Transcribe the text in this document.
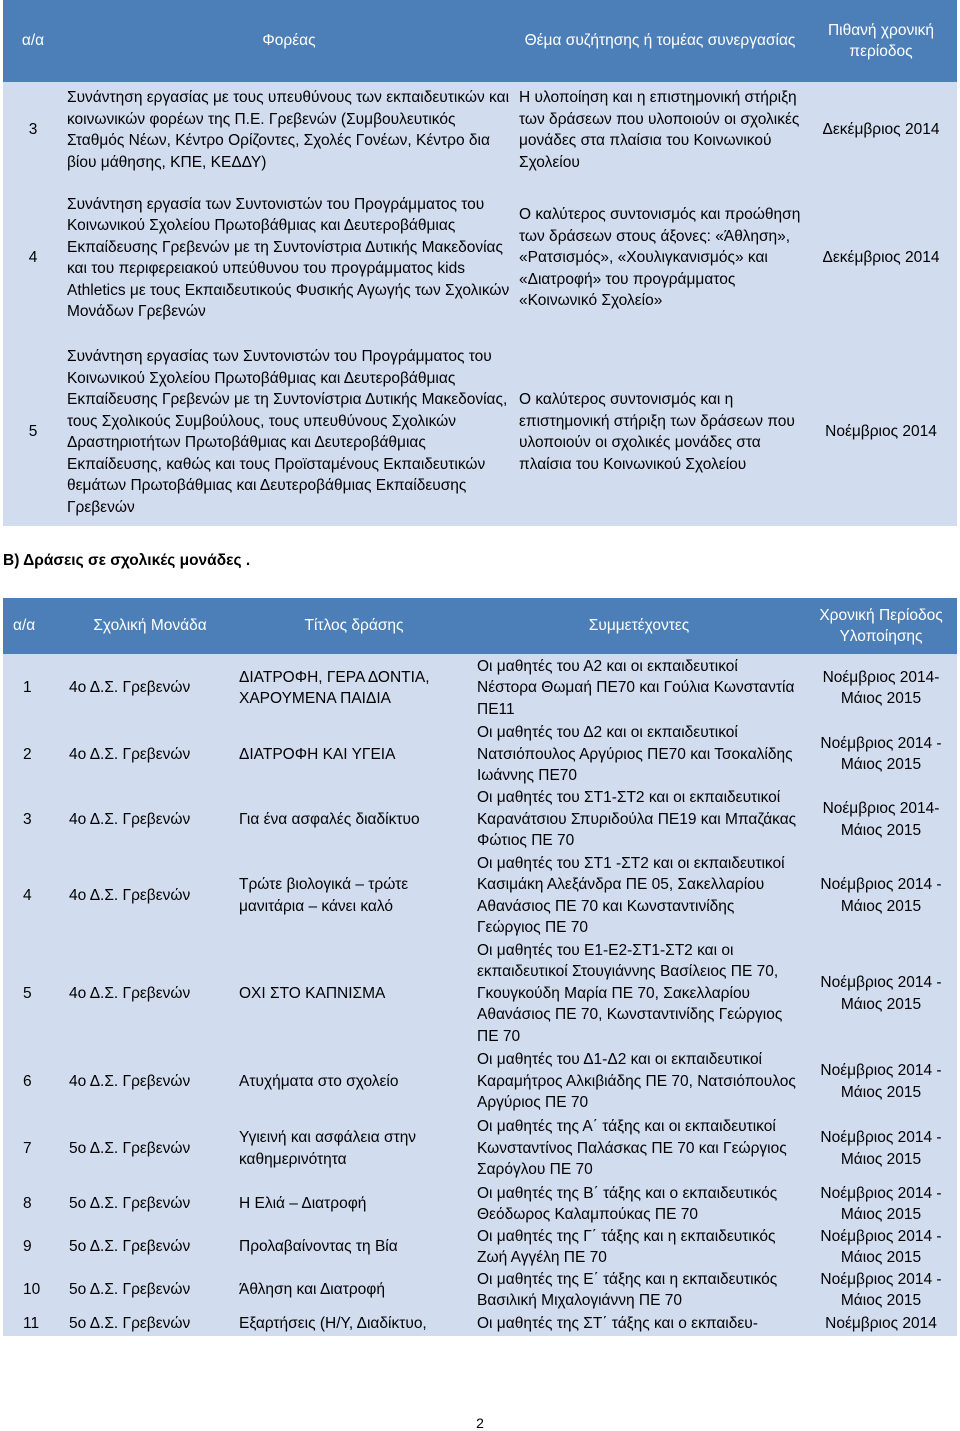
α/α	Φορέας	Θέμα συζήτησης ή τομέας συνεργασίας	Πιθανή χρονική περίοδος
3	Συνάντηση εργασίας με τους υπευθύνους των εκπαιδευτικών και κοινωνικών φορέων της Π.Ε. Γρεβενών (Συμβουλευτικός Σταθμός Νέων, Κέντρο Ορίζοντες, Σχολές Γονέων, Κέντρο δια βίου μάθησης, ΚΠΕ, ΚΕΔΔΥ)	Η υλοποίηση και η επιστημονική στήριξη των δράσεων που υλοποιούν οι σχολικές μονάδες στα πλαίσια του Κοινωνικού Σχολείου	Δεκέμβριος 2014
4	Συνάντηση εργασία των Συντονιστών του Προγράμματος του Κοινωνικού Σχολείου Πρωτοβάθμιας και Δευτεροβάθμιας Εκπαίδευσης Γρεβενών με τη Συντονίστρια Δυτικής Μακεδονίας και του περιφερειακού υπεύθυνου του προγράμματος kids Athletics με τους Εκπαιδευτικούς Φυσικής Αγωγής των Σχολικών Μονάδων Γρεβενών	Ο καλύτερος συντονισμός και προώθηση των δράσεων στους άξονες: «Άθληση», «Ρατσισμός», «Χουλιγκανισμός» και «Διατροφή» του προγράμματος «Κοινωνικό Σχολείο»	Δεκέμβριος 2014
5	Συνάντηση εργασίας των Συντονιστών του Προγράμματος του Κοινωνικού Σχολείου Πρωτοβάθμιας και Δευτεροβάθμιας Εκπαίδευσης Γρεβενών με τη Συντονίστρια Δυτικής Μακεδονίας, τους Σχολικούς Συμβούλους, τους υπευθύνους Σχολικών Δραστηριοτήτων Πρωτοβάθμιας και Δευτεροβάθμιας Εκπαίδευσης, καθώς και τους Προϊσταμένους Εκπαιδευτικών θεμάτων Πρωτοβάθμιας και Δευτεροβάθμιας Εκπαίδευσης Γρεβενών	Ο καλύτερος συντονισμός και η επιστημονική στήριξη των δράσεων που υλοποιούν οι σχολικές μονάδες στα πλαίσια του Κοινωνικού Σχολείου	Νοέμβριος 2014
Β) Δράσεις σε σχολικές μονάδες .
α/α	Σχολική Μονάδα	Τίτλος δράσης	Συμμετέχοντες	Χρονική Περίοδος Υλοποίησης
1	4ο Δ.Σ. Γρεβενών	ΔΙΑΤΡΟΦΗ, ΓΕΡΑ ΔΟΝΤΙΑ, ΧΑΡΟΥΜΕΝΑ ΠΑΙΔΙΑ	Οι μαθητές του Α2 και οι εκπαιδευτικοί Νέστορα Θωμαή ΠΕ70 και Γούλια Κωνσταντία ΠΕ11	Νοέμβριος 2014- Μάιος 2015
2	4ο Δ.Σ. Γρεβενών	ΔΙΑΤΡΟΦΗ ΚΑΙ ΥΓΕΙΑ	Οι μαθητές του Δ2 και οι εκπαιδευτικοί Νατσιόπουλος Αργύριος ΠΕ70 και Τσοκαλίδης Ιωάννης ΠΕ70	Νοέμβριος 2014 - Μάιος 2015
3	4ο Δ.Σ. Γρεβενών	Για ένα ασφαλές διαδίκτυο	Οι μαθητές του ΣΤ1-ΣΤ2 και οι εκπαιδευτικοί Καρανάτσιου Σπυριδούλα ΠΕ19 και Μπαζάκας Φώτιος ΠΕ 70	Νοέμβριος 2014- Μάιος 2015
4	4ο Δ.Σ. Γρεβενών	Τρώτε βιολογικά – τρώτε μανιτάρια – κάνει καλό	Οι μαθητές του ΣΤ1 -ΣΤ2 και οι εκπαιδευτικοί Κασιμάκη Αλεξάνδρα ΠΕ 05, Σακελλαρίου Αθανάσιος ΠΕ 70 και Κωνσταντινίδης Γεώργιος ΠΕ 70	Νοέμβριος 2014 - Μάιος 2015
5	4ο Δ.Σ. Γρεβενών	ΟΧΙ ΣΤΟ ΚΑΠΝΙΣΜΑ	Οι μαθητές του Ε1-Ε2-ΣΤ1-ΣΤ2 και οι εκπαιδευτικοί Στουγιάννης Βασίλειος ΠΕ 70, Γκουγκούδη Μαρία ΠΕ 70, Σακελλαρίου Αθανάσιος ΠΕ 70, Κωνσταντινίδης Γεώργιος ΠΕ 70	Νοέμβριος 2014 - Μάιος 2015
6	4ο Δ.Σ. Γρεβενών	Ατυχήματα στο σχολείο	Οι μαθητές του Δ1-Δ2 και οι εκπαιδευτικοί Καραμήτρος Αλκιβιάδης ΠΕ 70, Νατσιόπουλος Αργύριος ΠΕ 70	Νοέμβριος 2014 - Μάιος 2015
7	5ο Δ.Σ. Γρεβενών	Υγιεινή και ασφάλεια στην καθημερινότητα	Οι μαθητές της Α΄ τάξης και οι εκπαιδευτικοί Κωνσταντίνος Παλάσκας ΠΕ 70 και Γεώργιος Σαρόγλου ΠΕ 70	Νοέμβριος 2014 - Μάιος 2015
8	5ο Δ.Σ. Γρεβενών	Η Ελιά – Διατροφή	Οι μαθητές της Β΄ τάξης και ο εκπαιδευτικός Θεόδωρος Καλαμπούκας ΠΕ 70	Νοέμβριος 2014 - Μάιος 2015
9	5ο Δ.Σ. Γρεβενών	Προλαβαίνοντας τη Βία	Οι μαθητές της Γ΄ τάξης και η εκπαιδευτικός Ζωή Αγγέλη ΠΕ 70	Νοέμβριος 2014 - Μάιος 2015
10	5ο Δ.Σ. Γρεβενών	Άθληση και Διατροφή	Οι μαθητές της Ε΄ τάξης και η εκπαιδευτικός Βασιλική Μιχαλογιάννη ΠΕ 70	Νοέμβριος 2014 - Μάιος 2015
11	5ο Δ.Σ. Γρεβενών	Εξαρτήσεις (Η/Υ, Διαδίκτυο,	Οι μαθητές της ΣΤ΄ τάξης και ο εκπαιδευ-	Νοέμβριος 2014
2
